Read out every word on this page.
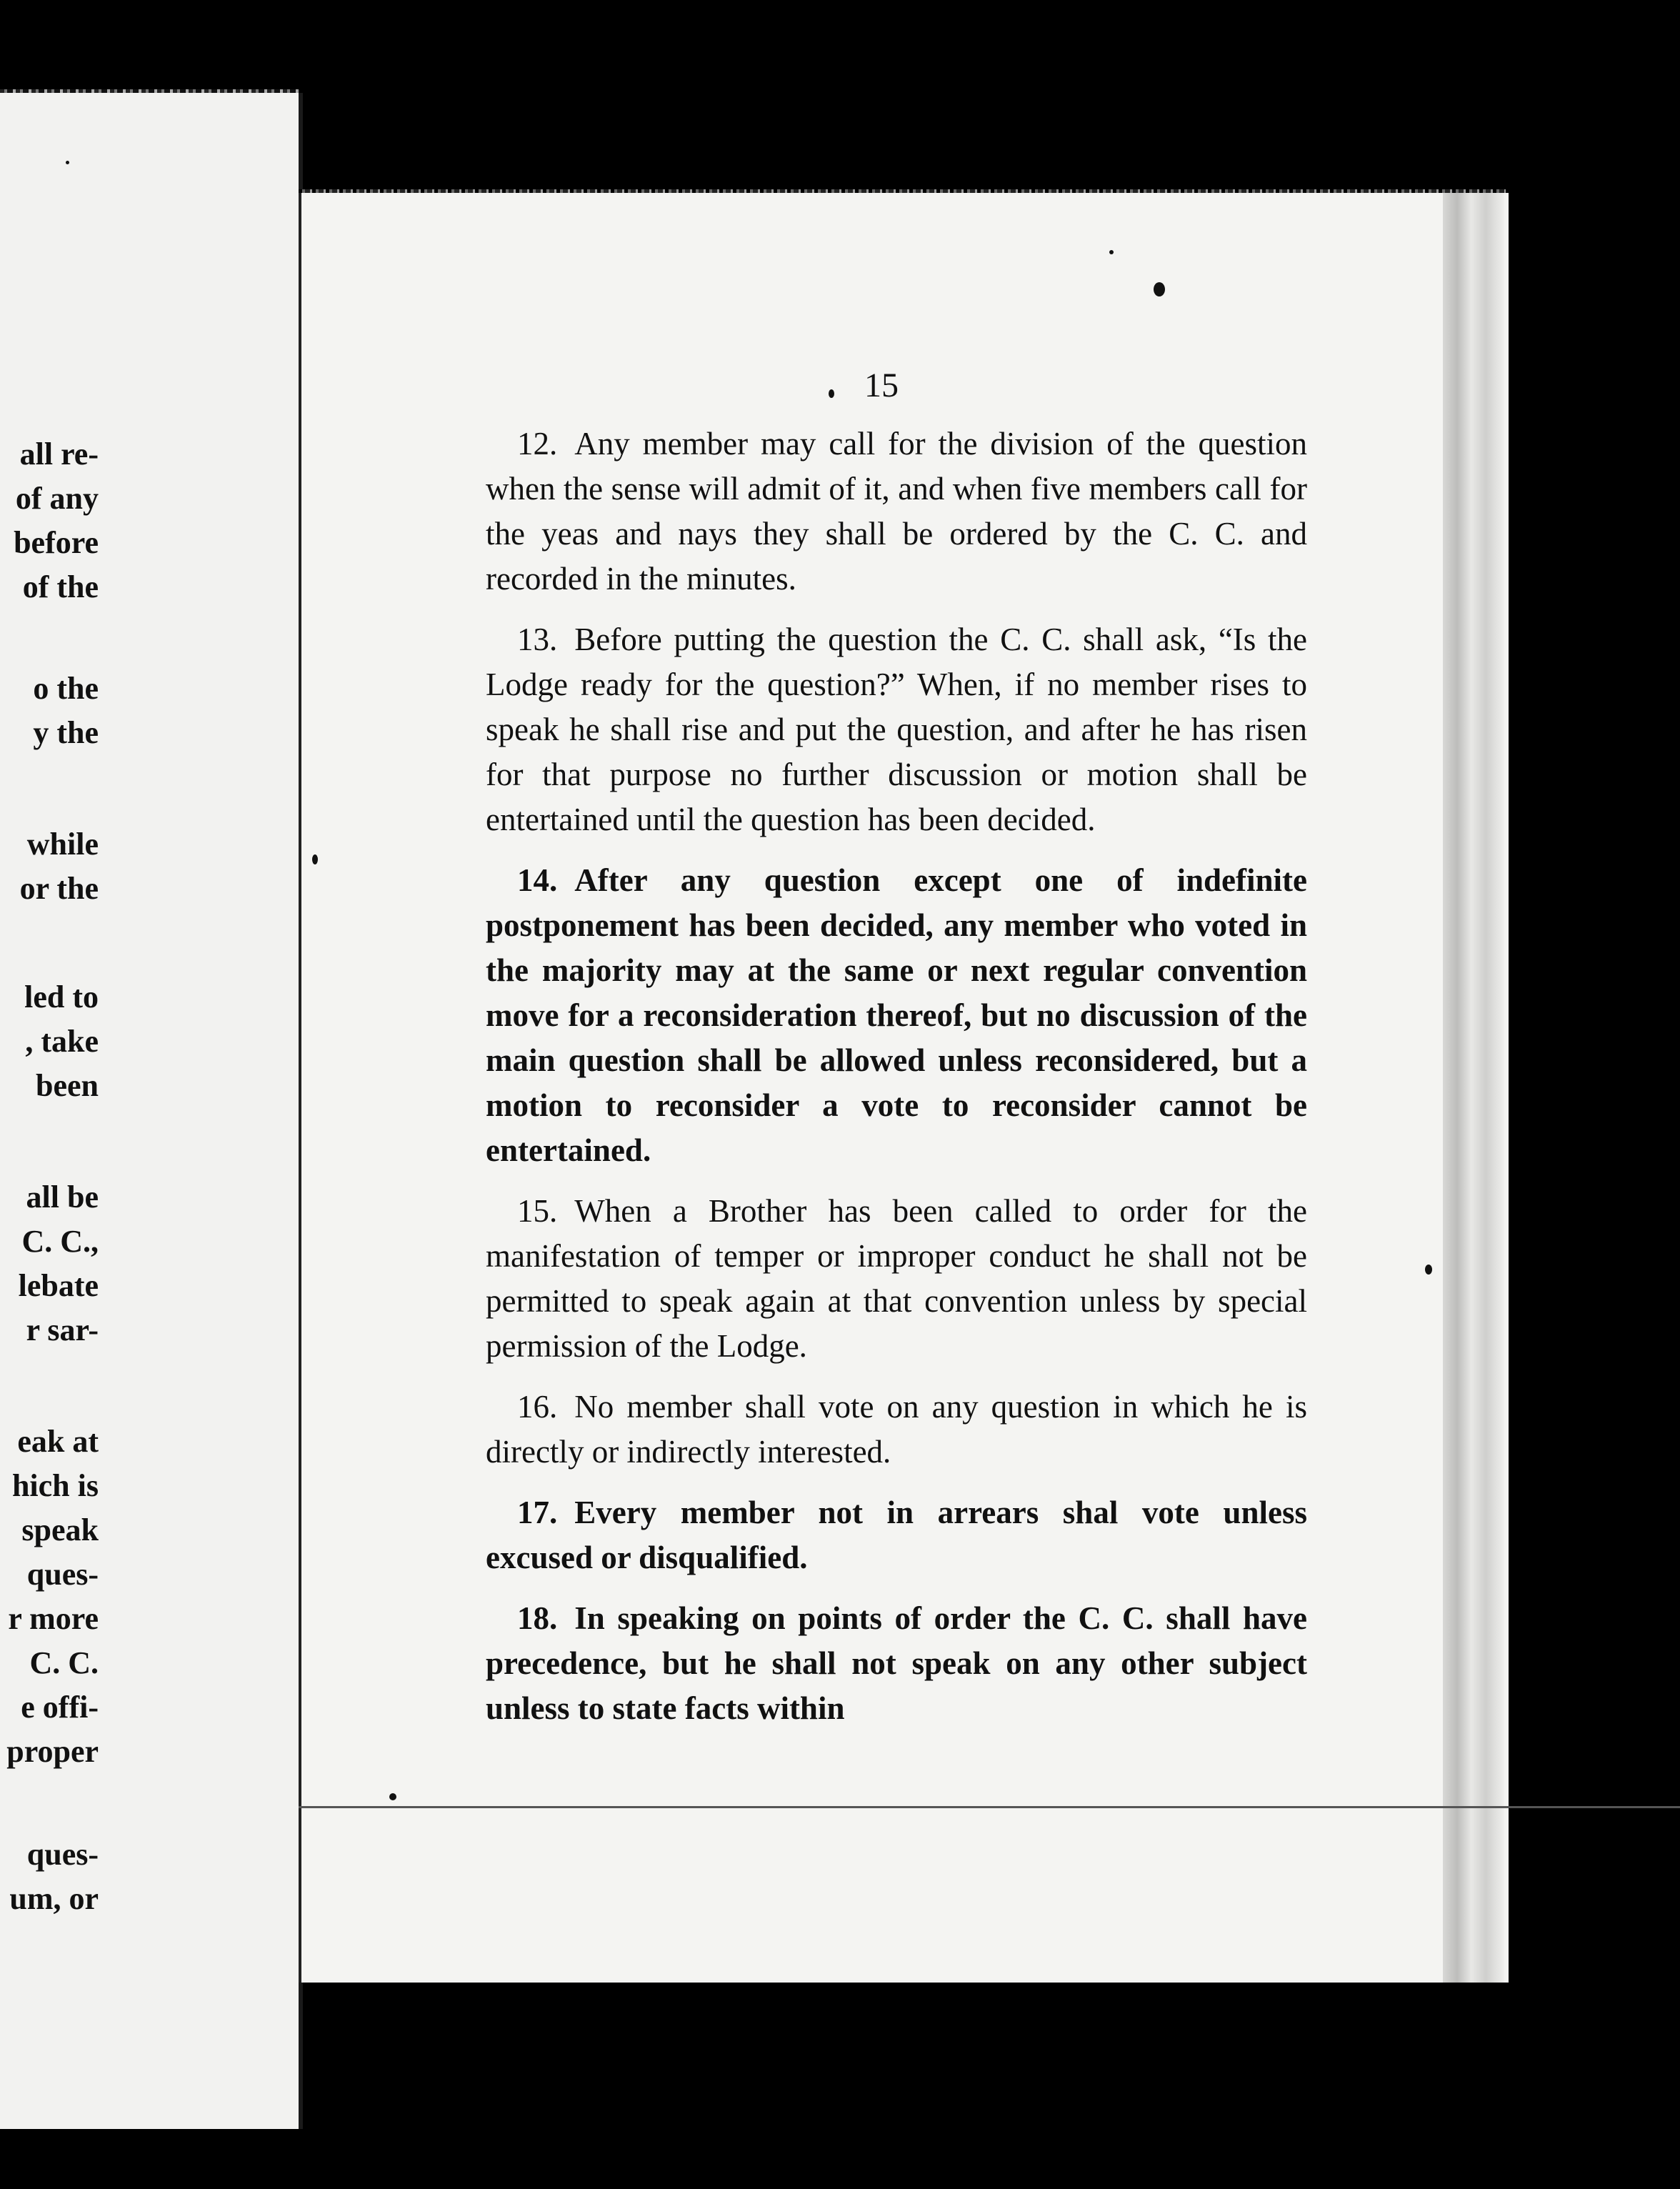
all re-
of any
before
of the
o the
y the
while
or the
led to
, take
been
all be
C. C.,
lebate
r sar-
eak at
hich is
speak
ques-
r more
C. C.
e offi-
proper
ques-
um, or
15

12. Any member may call for the division of the question when the sense will admit of it, and when five members call for the yeas and nays they shall be ordered by the C. C. and recorded in the minutes.

13. Before putting the question the C. C. shall ask, “Is the Lodge ready for the question?” When, if no member rises to speak he shall rise and put the question, and after he has risen for that purpose no further discussion or motion shall be entertained until the question has been decided.

14. After any question except one of indefinite postponement has been decided, any member who voted in the majority may at the same or next regular convention move for a reconsideration thereof, but no discussion of the main question shall be allowed unless reconsidered, but a motion to reconsider a vote to reconsider cannot be entertained.

15. When a Brother has been called to order for the manifestation of temper or improper conduct he shall not be permitted to speak again at that convention unless by special permission of the Lodge.

16. No member shall vote on any question in which he is directly or indirectly interested.

17. Every member not in arrears shal vote unless excused or disqualified.

18. In speaking on points of order the C. C. shall have precedence, but he shall not speak on any other subject unless to state facts within
